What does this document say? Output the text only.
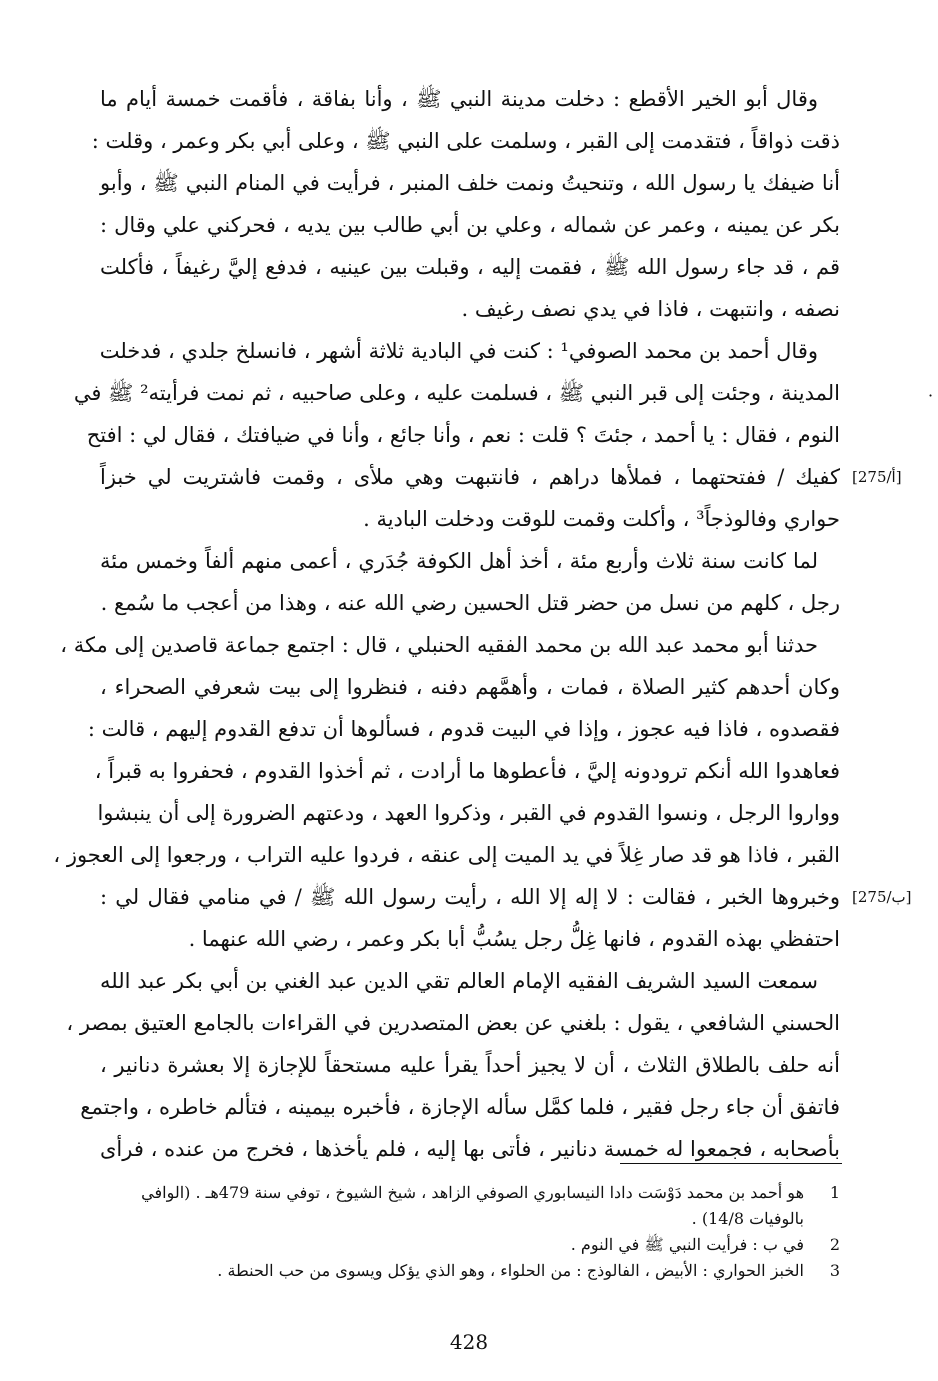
وقال أبو الخير الأقطع : دخلت مدينة النبي ﷺ ، وأنا بفاقة ، فأقمت خمسة أيام ما
ذقت ذواقاً ، فتقدمت إلى القبر ، وسلمت على النبي ﷺ ، وعلى أبي بكر وعمر ، وقلت :
أنا ضيفك يا رسول الله ، وتنحيتُ ونمت خلف المنبر ، فرأيت في المنام النبي ﷺ ، وأبو
بكر عن يمينه ، وعمر عن شماله ، وعلي بن أبي طالب بين يديه ، فحركني علي وقال :
قم ، قد جاء رسول الله ﷺ ، فقمت إليه ، وقبلت بين عينيه ، فدفع إليَّ رغيفاً ، فأكلت
نصفه ، وانتبهت ، فاذا في يدي نصف رغيف .
وقال أحمد بن محمد الصوفي¹ : كنت في البادية ثلاثة أشهر ، فانسلخ جلدي ، فدخلت
المدينة ، وجئت إلى قبر النبي ﷺ ، فسلمت عليه ، وعلى صاحبيه ، ثم نمت فرأيته² ﷺ في
النوم ، فقال : يا أحمد ، جئتَ ؟ قلت : نعم ، وأنا جائع ، وأنا في ضيافتك ، فقال لي : افتح
كفيك / ففتحتهما ، فملأها دراهم ، فانتبهت وهي ملأى ، وقمت فاشتريت لي خبزاً
حواري وفالوذجاً³ ، وأكلت وقمت للوقت ودخلت البادية .
لما كانت سنة ثلاث وأربع مئة ، أخذ أهل الكوفة جُدَري ، أعمى منهم ألفاً وخمس مئة
رجل ، كلهم من نسل من حضر قتل الحسين رضي الله عنه ، وهذا من أعجب ما سُمع .
حدثنا أبو محمد عبد الله بن محمد الفقيه الحنبلي ، قال : اجتمع جماعة قاصدين إلى مكة ،
وكان أحدهم كثير الصلاة ، فمات ، وأهمَّهم دفنه ، فنظروا إلى بيت شعرفي الصحراء ،
فقصدوه ، فاذا فيه عجوز ، وإذا في البيت قدوم ، فسألوها أن تدفع القدوم إليهم ، قالت :
فعاهدوا الله أنكم ترودونه إليَّ ، فأعطوها ما أرادت ، ثم أخذوا القدوم ، فحفروا به قبراً ،
وواروا الرجل ، ونسوا القدوم في القبر ، وذكروا العهد ، ودعتهم الضرورة إلى أن ينبشوا
القبر ، فاذا هو قد صار غِلاً في يد الميت إلى عنقه ، فردوا عليه التراب ، ورجعوا إلى العجوز ،
وخبروها الخبر ، فقالت : لا إله إلا الله ، رأيت رسول الله ﷺ / في منامي فقال لي :
احتفظي بهذه القدوم ، فانها غِلُّ رجل يسُبُّ أبا بكر وعمر ، رضي الله عنهما .
سمعت السيد الشريف الفقيه الإمام العالم تقي الدين عبد الغني بن أبي بكر عبد الله
الحسني الشافعي ، يقول : بلغني عن بعض المتصدرين في القراءات بالجامع العتيق بمصر ،
أنه حلف بالطلاق الثلاث ، أن لا يجيز أحداً يقرأ عليه مستحقاً للإجازة إلا بعشرة دنانير ،
فاتفق أن جاء رجل فقير ، فلما كمَّل سأله الإجازة ، فأخبره بيمينه ، فتألم خاطره ، واجتمع
بأصحابه ، فجمعوا له خمسة دنانير ، فأتى بها إليه ، فلم يأخذها ، فخرج من عنده ، فرأى
[275/أ]
[275/ب]
·
1هو أحمد بن محمد دَوْسَت دادا النيسابوري الصوفي الزاهد ، شيخ الشيوخ ، توفي سنة 479هـ . (الوافي
بالوفيات 14/8) .
2في ب : فرأيت النبي ﷺ في النوم .
3الخبز الحواري : الأبيض ، الفالوذج : من الحلواء ، وهو الذي يؤكل ويسوى من حب الحنطة .
428
